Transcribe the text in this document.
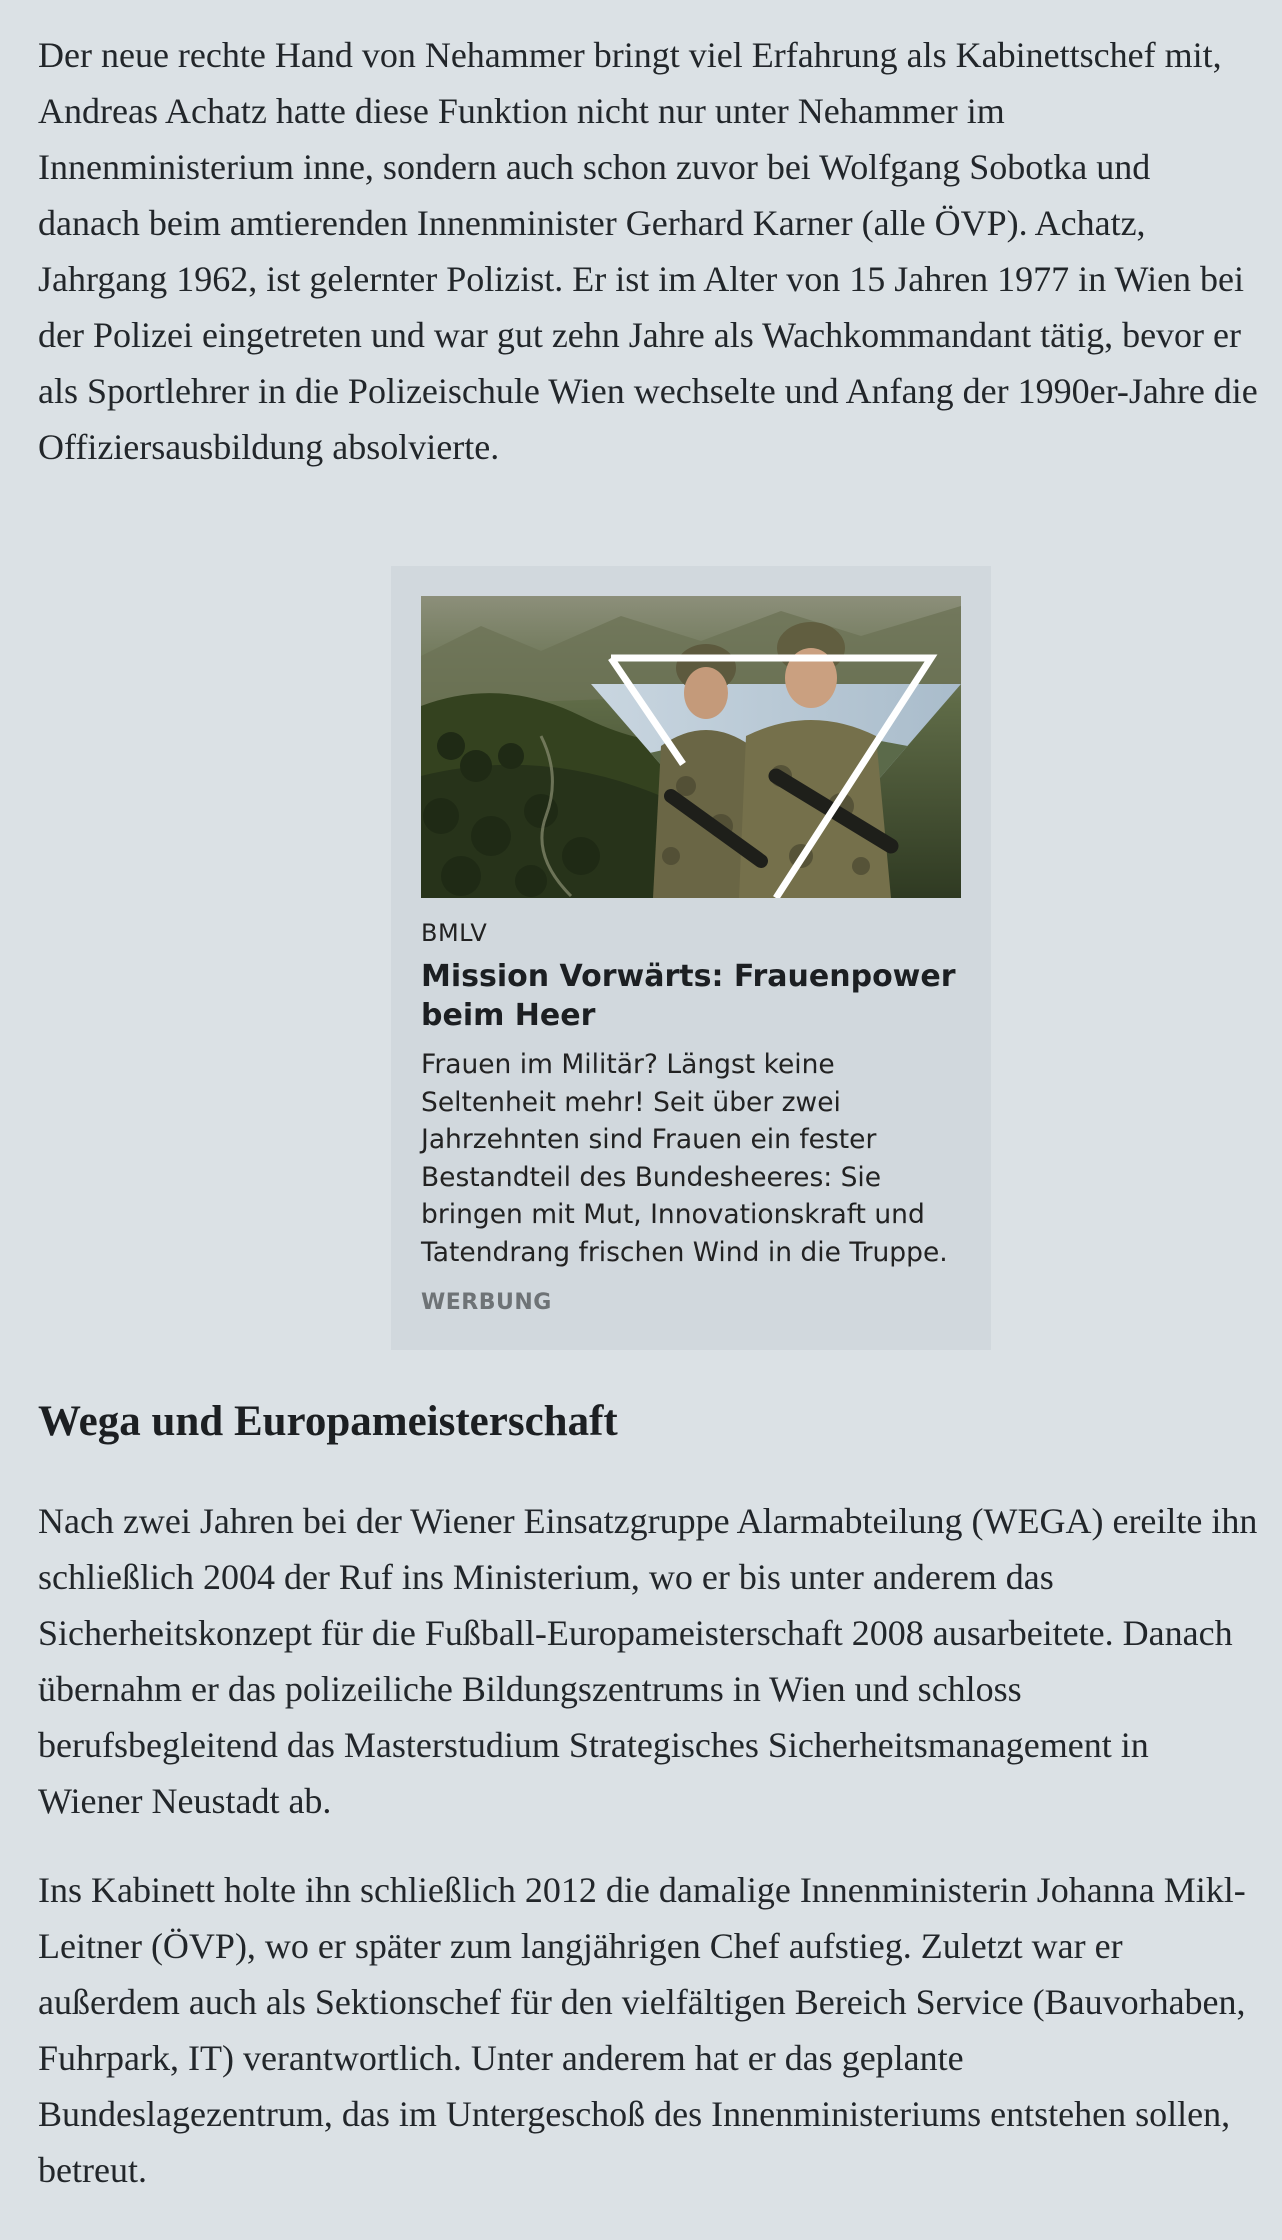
Der neue rechte Hand von Nehammer bringt viel Erfahrung als Kabinettschef mit, Andreas Achatz hatte diese Funktion nicht nur unter Nehammer im Innenministerium inne, sondern auch schon zuvor bei Wolfgang Sobotka und danach beim amtierenden Innenminister Gerhard Karner (alle ÖVP). Achatz, Jahrgang 1962, ist gelernter Polizist. Er ist im Alter von 15 Jahren 1977 in Wien bei der Polizei eingetreten und war gut zehn Jahre als Wachkommandant tätig, bevor er als Sportlehrer in die Polizeischule Wien wechselte und Anfang der 1990er-Jahre die Offiziersausbildung absolvierte.

BMLV
Mission Vorwärts: Frauenpower beim Heer

Frauen im Militär? Längst keine Seltenheit mehr! Seit über zwei Jahrzehnten sind Frauen ein fester Bestandteil des Bundesheeres: Sie bringen mit Mut, Innovationskraft und Tatendrang frischen Wind in die Truppe.

WERBUNG
Wega und Europameisterschaft

Nach zwei Jahren bei der Wiener Einsatzgruppe Alarmabteilung (WEGA) ereilte ihn schließlich 2004 der Ruf ins Ministerium, wo er bis unter anderem das Sicherheitskonzept für die Fußball-Europameisterschaft 2008 ausarbeitete. Danach übernahm er das polizeiliche Bildungszentrums in Wien und schloss berufsbegleitend das Masterstudium Strategisches Sicherheitsmanagement in Wiener Neustadt ab.

Ins Kabinett holte ihn schließlich 2012 die damalige Innenministerin Johanna Mikl-Leitner (ÖVP), wo er später zum langjährigen Chef aufstieg. Zuletzt war er außerdem auch als Sektionschef für den vielfältigen Bereich Service (Bauvorhaben, Fuhrpark, IT) verantwortlich. Unter anderem hat er das geplante Bundeslagezentrum, das im Untergeschoß des Innenministeriums entstehen sollen, betreut.
